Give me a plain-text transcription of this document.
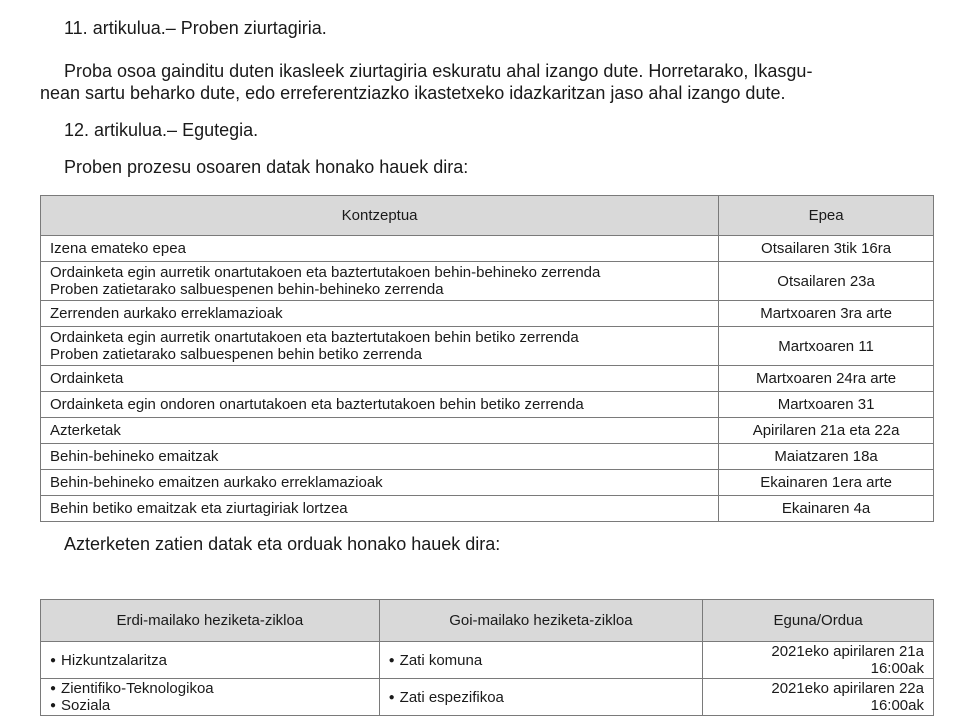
11. artikulua.– Proben ziurtagiria.

Proba osoa gainditu duten ikasleek ziurtagiria eskuratu ahal izango dute. Horretarako, Ikasgu-

nean sartu beharko dute, edo erreferentziazko ikastetxeko idazkaritzan jaso ahal izango dute.

12. artikulua.– Egutegia.

Proben prozesu osoaren datak honako hauek dira:

Kontzeptua	Epea

Izena emateko epea	Otsailaren 3tik 16ra

Ordainketa egin aurretik onartutakoen eta baztertutakoen behin-behineko zerrenda
Proben zatietarako salbuespenen behin-behineko zerrenda	Otsailaren 23a

Zerrenden aurkako erreklamazioak	Martxoaren 3ra arte

Ordainketa egin aurretik onartutakoen eta baztertutakoen behin betiko zerrenda
Proben zatietarako salbuespenen behin betiko zerrenda	Martxoaren 11

Ordainketa	Martxoaren 24ra arte

Ordainketa egin ondoren onartutakoen eta baztertutakoen behin betiko zerrenda	Martxoaren 31

Azterketak	Apirilaren 21a eta 22a

Behin-behineko emaitzak	Maiatzaren 18a

Behin-behineko emaitzen aurkako erreklamazioak	Ekainaren 1era arte

Behin betiko emaitzak eta ziurtagiriak lortzea	Ekainaren 4a

Azterketen zatien datak eta orduak honako hauek dira:

Erdi-mailako heziketa-zikloa	Goi-mailako heziketa-zikloa	Eguna/Ordua

● Hizkuntzalaritza	● Zati komuna	2021eko apirilaren 21a
16:00ak

● Zientifiko-Teknologikoa
● Soziala	● Zati espezifikoa	2021eko apirilaren 22a
16:00ak
